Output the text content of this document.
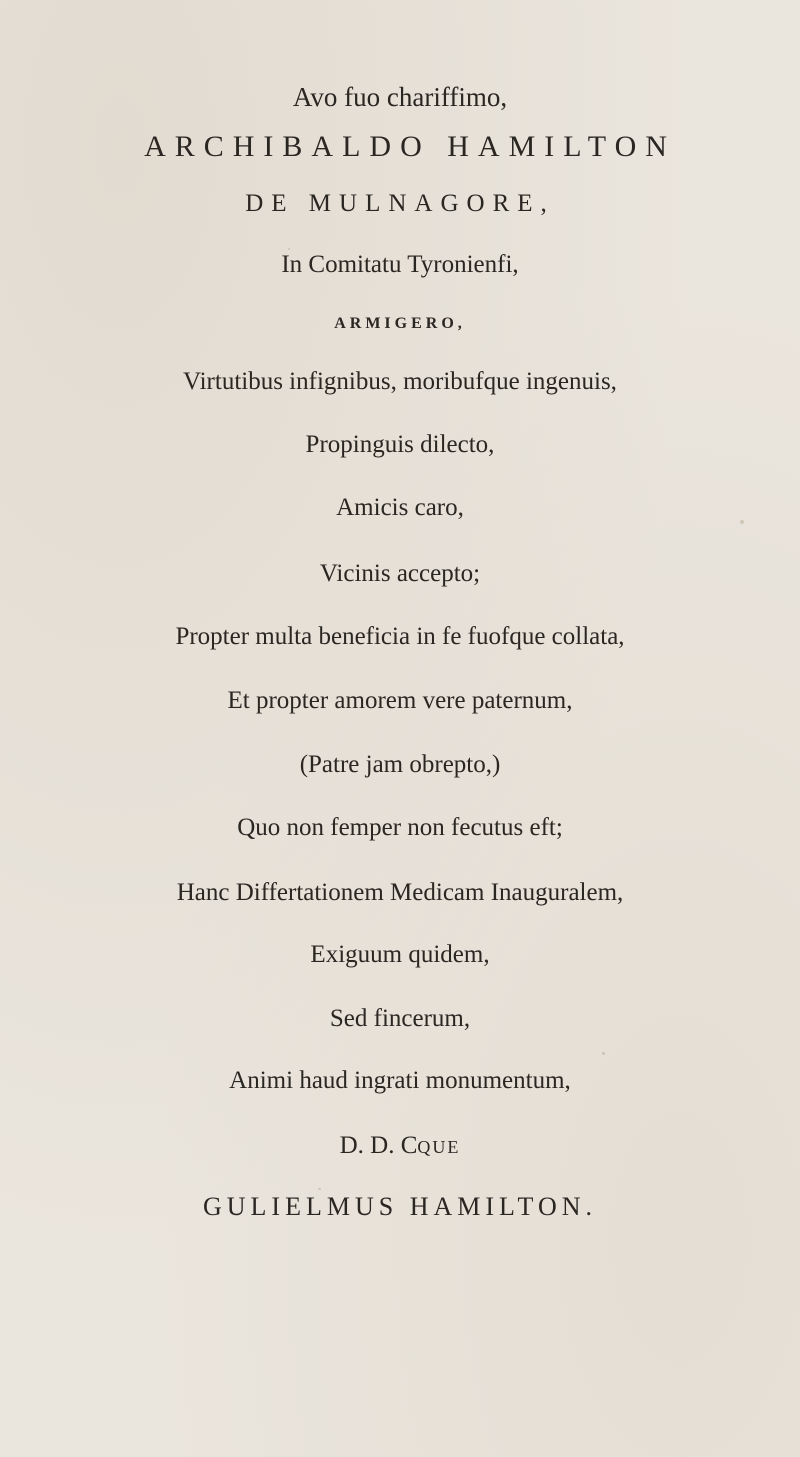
Avo fuo chariffimo,
ARCHIBALDO HAMILTON
DE MULNAGORE,
In Comitatu Tyronienfi,
ARMIGERO,
Virtutibus infignibus, moribufque ingenuis,
Propinguis dilecto,
Amicis caro,
Vicinis accepto;
Propter multa beneficia in fe fuofque collata,
Et propter amorem vere paternum,
(Patre jam obrepto,)
Quo non femper non fecutus eft;
Hanc Differtationem Medicam Inauguralem,
Exiguum quidem,
Sed fincerum,
Animi haud ingrati monumentum,
D. D. CQUE
GULIELMUS HAMILTON.
